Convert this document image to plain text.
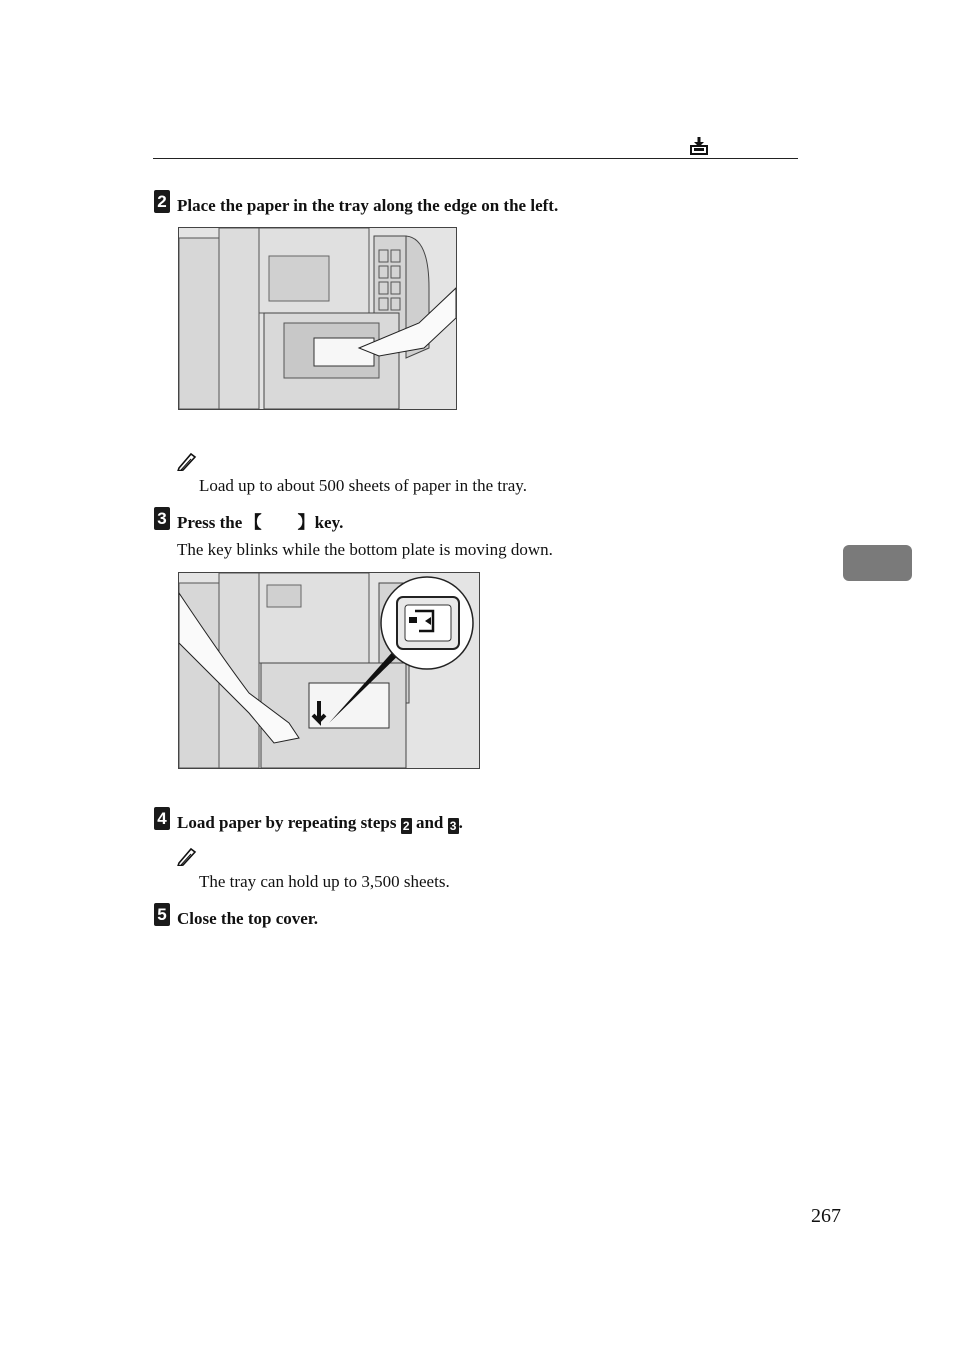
2 Place the paper in the tray along the edge on the left.
Load up to about 500 sheets of paper in the tray.
3 Press the 【 】key.
The key blinks while the bottom plate is moving down.
4 Load paper by repeating steps 2 and 3 .
The tray can hold up to 3,500 sheets.
5 Close the top cover.
267
